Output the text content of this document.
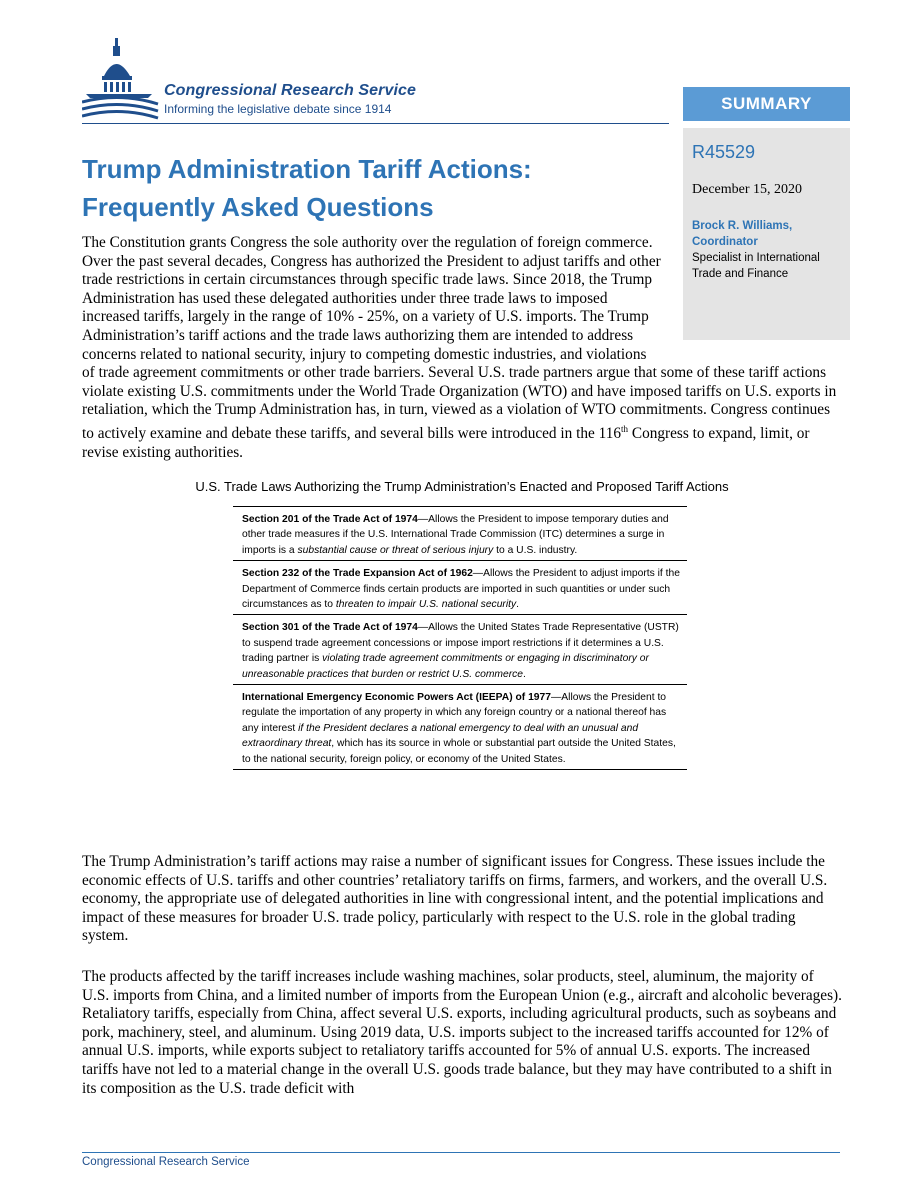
Congressional Research Service
Informing the legislative debate since 1914	SUMMARY
R45529
December 15, 2020
Brock R. Williams,
Coordinator
Specialist in International Trade and Finance
Trump Administration Tariff Actions:
Frequently Asked Questions
The Constitution grants Congress the sole authority over the regulation of foreign commerce. Over the past several decades, Congress has authorized the President to adjust tariffs and other trade restrictions in certain circumstances through specific trade laws. Since 2018, the Trump Administration has used these delegated authorities under three trade laws to imposed increased tariffs, largely in the range of 10% - 25%, on a variety of U.S. imports. The Trump Administration’s tariff actions and the trade laws authorizing them are intended to address concerns related to national security, injury to competing domestic industries, and violations of trade agreement commitments or other trade barriers. Several U.S. trade partners argue that some of these tariff actions violate existing U.S. commitments under the World Trade Organization (WTO) and have imposed tariffs on U.S. exports in retaliation, which the Trump Administration has, in turn, viewed as a violation of WTO commitments. Congress continues to actively examine and debate these tariffs, and several bills were introduced in the 116th Congress to expand, limit, or revise existing authorities.
U.S. Trade Laws Authorizing the Trump Administration’s Enacted and Proposed Tariff Actions
Section 201 of the Trade Act of 1974—Allows the President to impose temporary duties and other trade measures if the U.S. International Trade Commission (ITC) determines a surge in imports is a substantial cause or threat of serious injury to a U.S. industry.
Section 232 of the Trade Expansion Act of 1962—Allows the President to adjust imports if the Department of Commerce finds certain products are imported in such quantities or under such circumstances as to threaten to impair U.S. national security.
Section 301 of the Trade Act of 1974—Allows the United States Trade Representative (USTR) to suspend trade agreement concessions or impose import restrictions if it determines a U.S. trading partner is violating trade agreement commitments or engaging in discriminatory or unreasonable practices that burden or restrict U.S. commerce.
International Emergency Economic Powers Act (IEEPA) of 1977—Allows the President to regulate the importation of any property in which any foreign country or a national thereof has any interest if the President declares a national emergency to deal with an unusual and extraordinary threat, which has its source in whole or substantial part outside the United States, to the national security, foreign policy, or economy of the United States.
The Trump Administration’s tariff actions may raise a number of significant issues for Congress. These issues include the economic effects of U.S. tariffs and other countries’ retaliatory tariffs on firms, farmers, and workers, and the overall U.S. economy, the appropriate use of delegated authorities in line with congressional intent, and the potential implications and impact of these measures for broader U.S. trade policy, particularly with respect to the U.S. role in the global trading system.
The products affected by the tariff increases include washing machines, solar products, steel, aluminum, the majority of U.S. imports from China, and a limited number of imports from the European Union (e.g., aircraft and alcoholic beverages). Retaliatory tariffs, especially from China, affect several U.S. exports, including agricultural products, such as soybeans and pork, machinery, steel, and aluminum. Using 2019 data, U.S. imports subject to the increased tariffs accounted for 12% of annual U.S. imports, while exports subject to retaliatory tariffs accounted for 5% of annual U.S. exports. The increased tariffs have not led to a material change in the overall U.S. goods trade balance, but they may have contributed to a shift in its composition as the U.S. trade deficit with
Congressional Research Service
